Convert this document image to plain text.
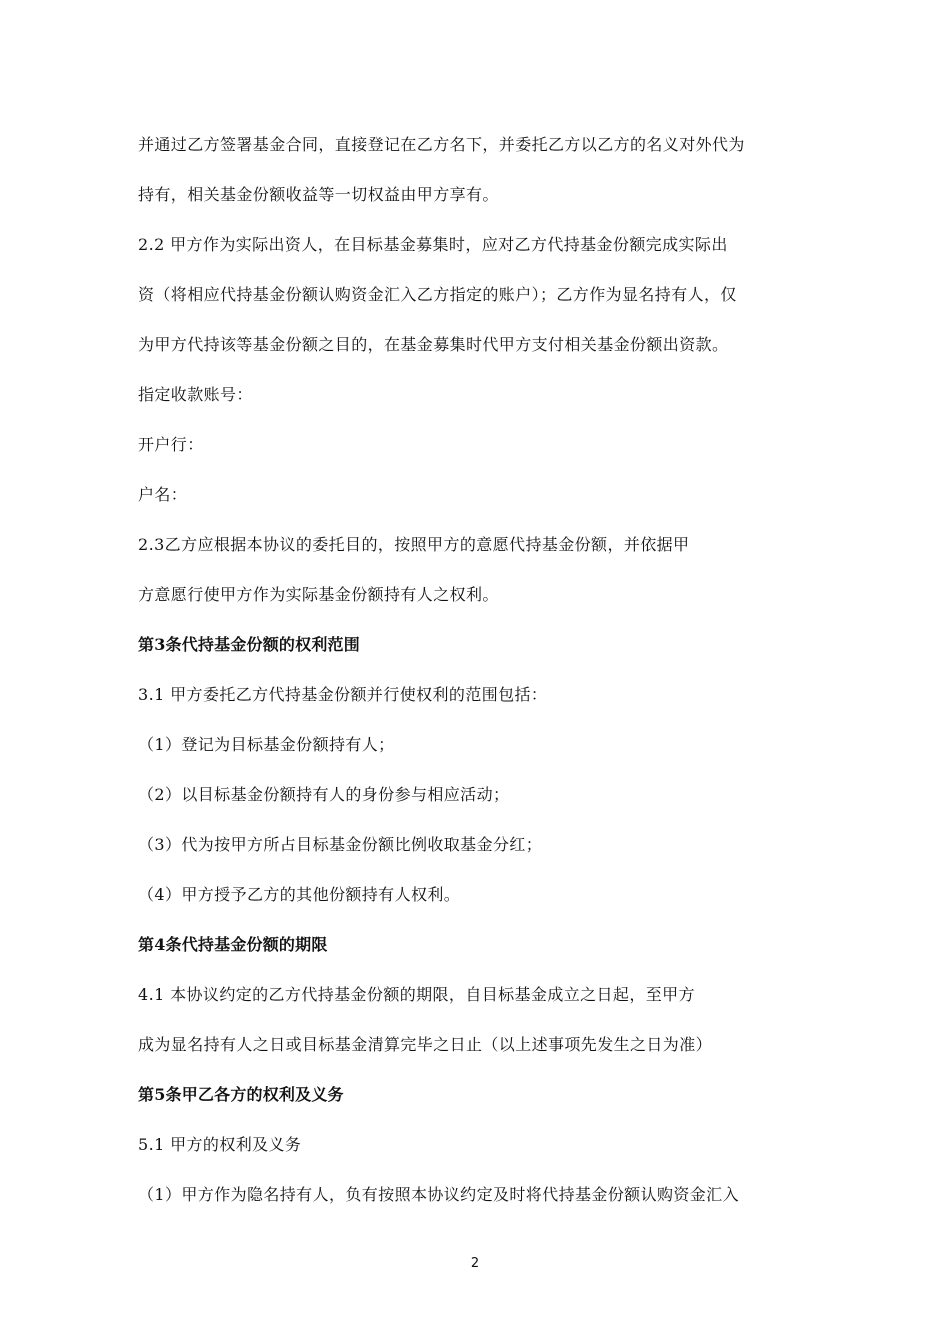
并通过乙方签署基金合同，直接登记在乙方名下，并委托乙方以乙方的名义对外代为
持有，相关基金份额收益等一切权益由甲方享有。
2.2 甲方作为实际出资人，在目标基金募集时，应对乙方代持基金份额完成实际出
资（将相应代持基金份额认购资金汇入乙方指定的账户）；乙方作为显名持有人，仅
为甲方代持该等基金份额之目的，在基金募集时代甲方支付相关基金份额出资款。
指定收款账号：
开户行：
户名：
2.3乙方应根据本协议的委托目的，按照甲方的意愿代持基金份额，并依据甲
方意愿行使甲方作为实际基金份额持有人之权利。
第3条代持基金份额的权利范围
3.1 甲方委托乙方代持基金份额并行使权利的范围包括：
（1）登记为目标基金份额持有人；
（2）以目标基金份额持有人的身份参与相应活动；
（3）代为按甲方所占目标基金份额比例收取基金分红；
（4）甲方授予乙方的其他份额持有人权利。
第4条代持基金份额的期限
4.1 本协议约定的乙方代持基金份额的期限，自目标基金成立之日起，至甲方
成为显名持有人之日或目标基金清算完毕之日止（以上述事项先发生之日为准）
第5条甲乙各方的权利及义务
5.1 甲方的权利及义务
（1）甲方作为隐名持有人，负有按照本协议约定及时将代持基金份额认购资金汇入
2
